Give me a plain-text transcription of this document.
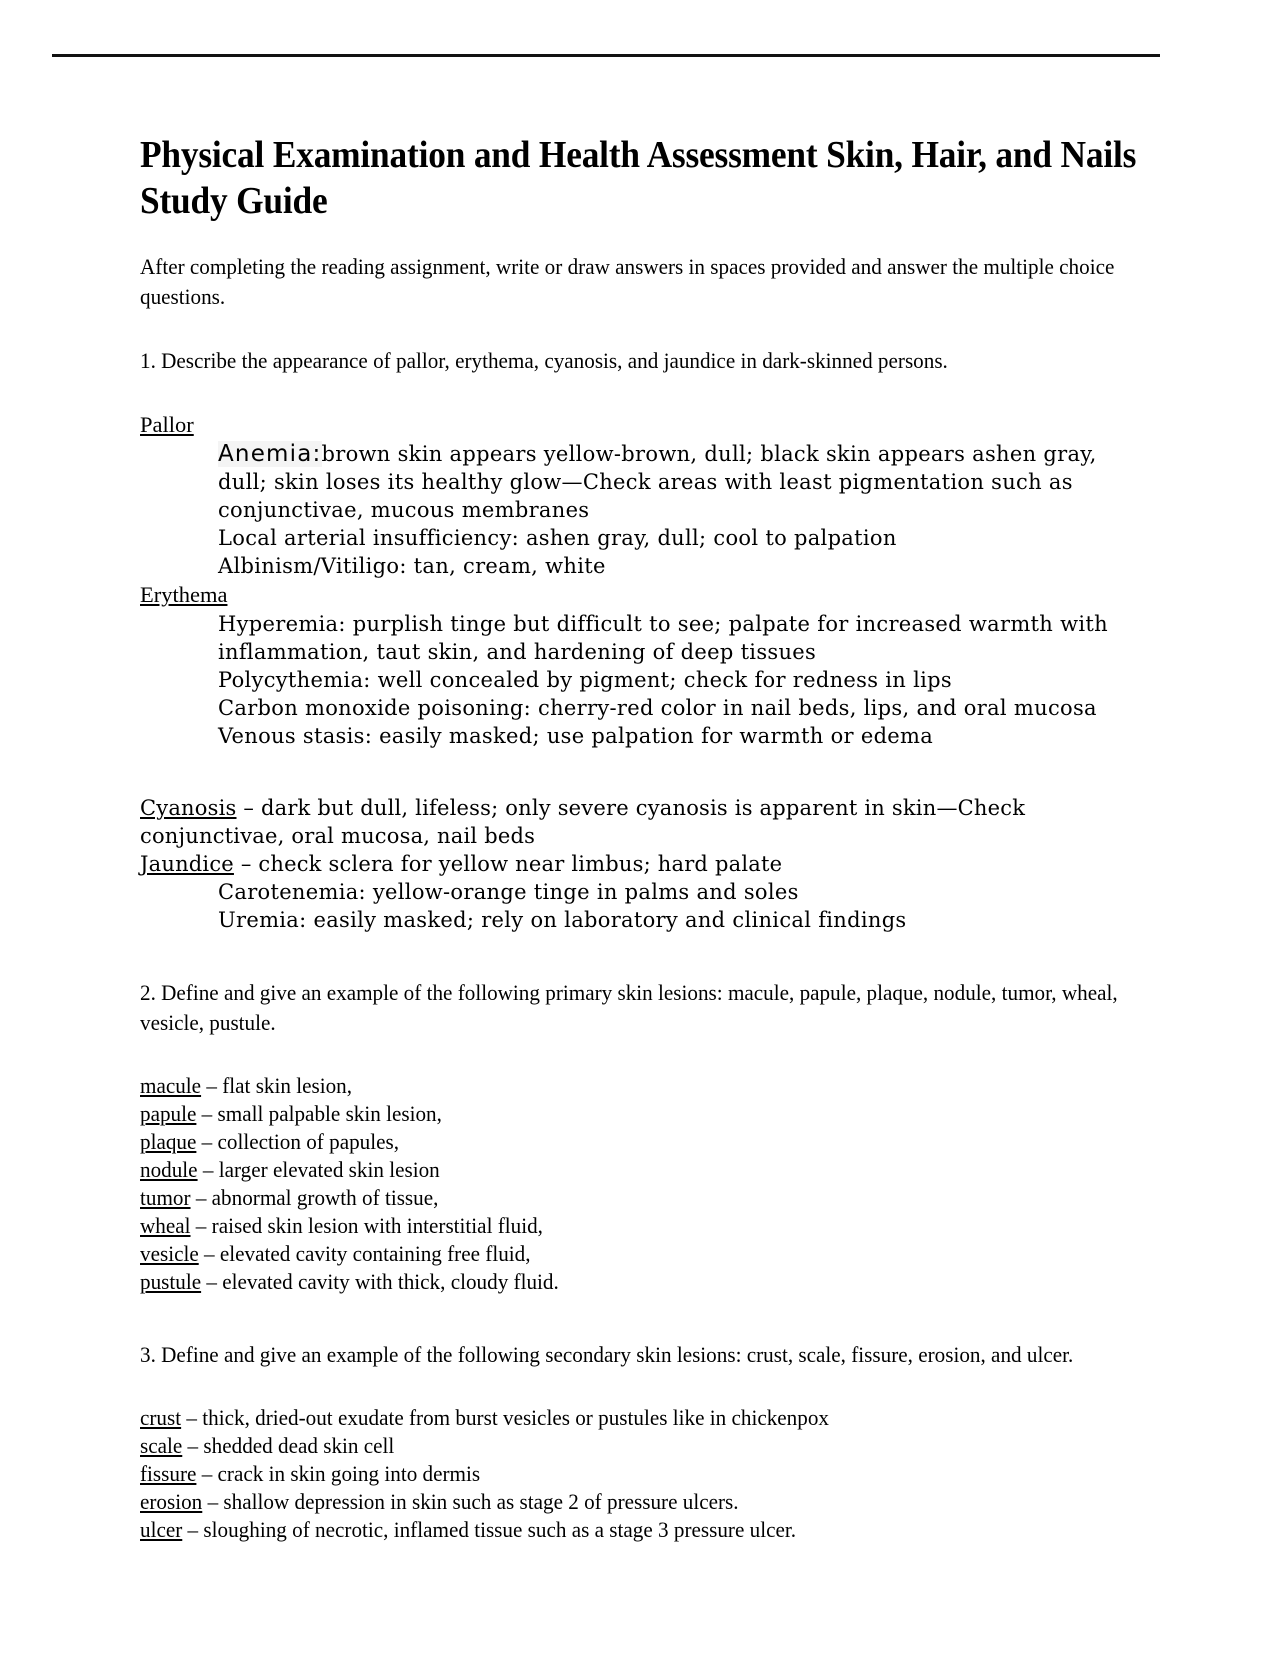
Physical Examination and Health Assessment Skin, Hair, and Nails Study Guide

After completing the reading assignment, write or draw answers in spaces provided and answer the multiple choice questions.

1. Describe the appearance of pallor, erythema, cyanosis, and jaundice in dark-skinned persons.

Pallor

Anemia:brown skin appears yellow-brown, dull; black skin appears ashen gray, dull; skin loses its healthy glow—Check areas with least pigmentation such as conjunctivae, mucous membranes
Local arterial insufficiency: ashen gray, dull; cool to palpation
Albinism/Vitiligo: tan, cream, white

Erythema

Hyperemia: purplish tinge but difficult to see; palpate for increased warmth with inflammation, taut skin, and hardening of deep tissues
Polycythemia: well concealed by pigment; check for redness in lips
Carbon monoxide poisoning: cherry-red color in nail beds, lips, and oral mucosa Venous stasis: easily masked; use palpation for warmth or edema
Cyanosis – dark but dull, lifeless; only severe cyanosis is apparent in skin—Check conjunctivae, oral mucosa, nail beds
Jaundice – check sclera for yellow near limbus; hard palate
Carotenemia: yellow-orange tinge in palms and soles
Uremia: easily masked; rely on laboratory and clinical findings

2. Define and give an example of the following primary skin lesions: macule, papule, plaque, nodule, tumor, wheal, vesicle, pustule.

macule – flat skin lesion,
papule – small palpable skin lesion,
plaque – collection of papules,
nodule – larger elevated skin lesion
tumor – abnormal growth of tissue,
wheal – raised skin lesion with interstitial fluid,
vesicle – elevated cavity containing free fluid,
pustule – elevated cavity with thick, cloudy fluid.

3. Define and give an example of the following secondary skin lesions: crust, scale, fissure, erosion, and ulcer.

crust – thick, dried-out exudate from burst vesicles or pustules like in chickenpox
scale – shedded dead skin cell
fissure – crack in skin going into dermis
erosion – shallow depression in skin such as stage 2 of pressure ulcers.
ulcer – sloughing of necrotic, inflamed tissue such as a stage 3 pressure ulcer.
